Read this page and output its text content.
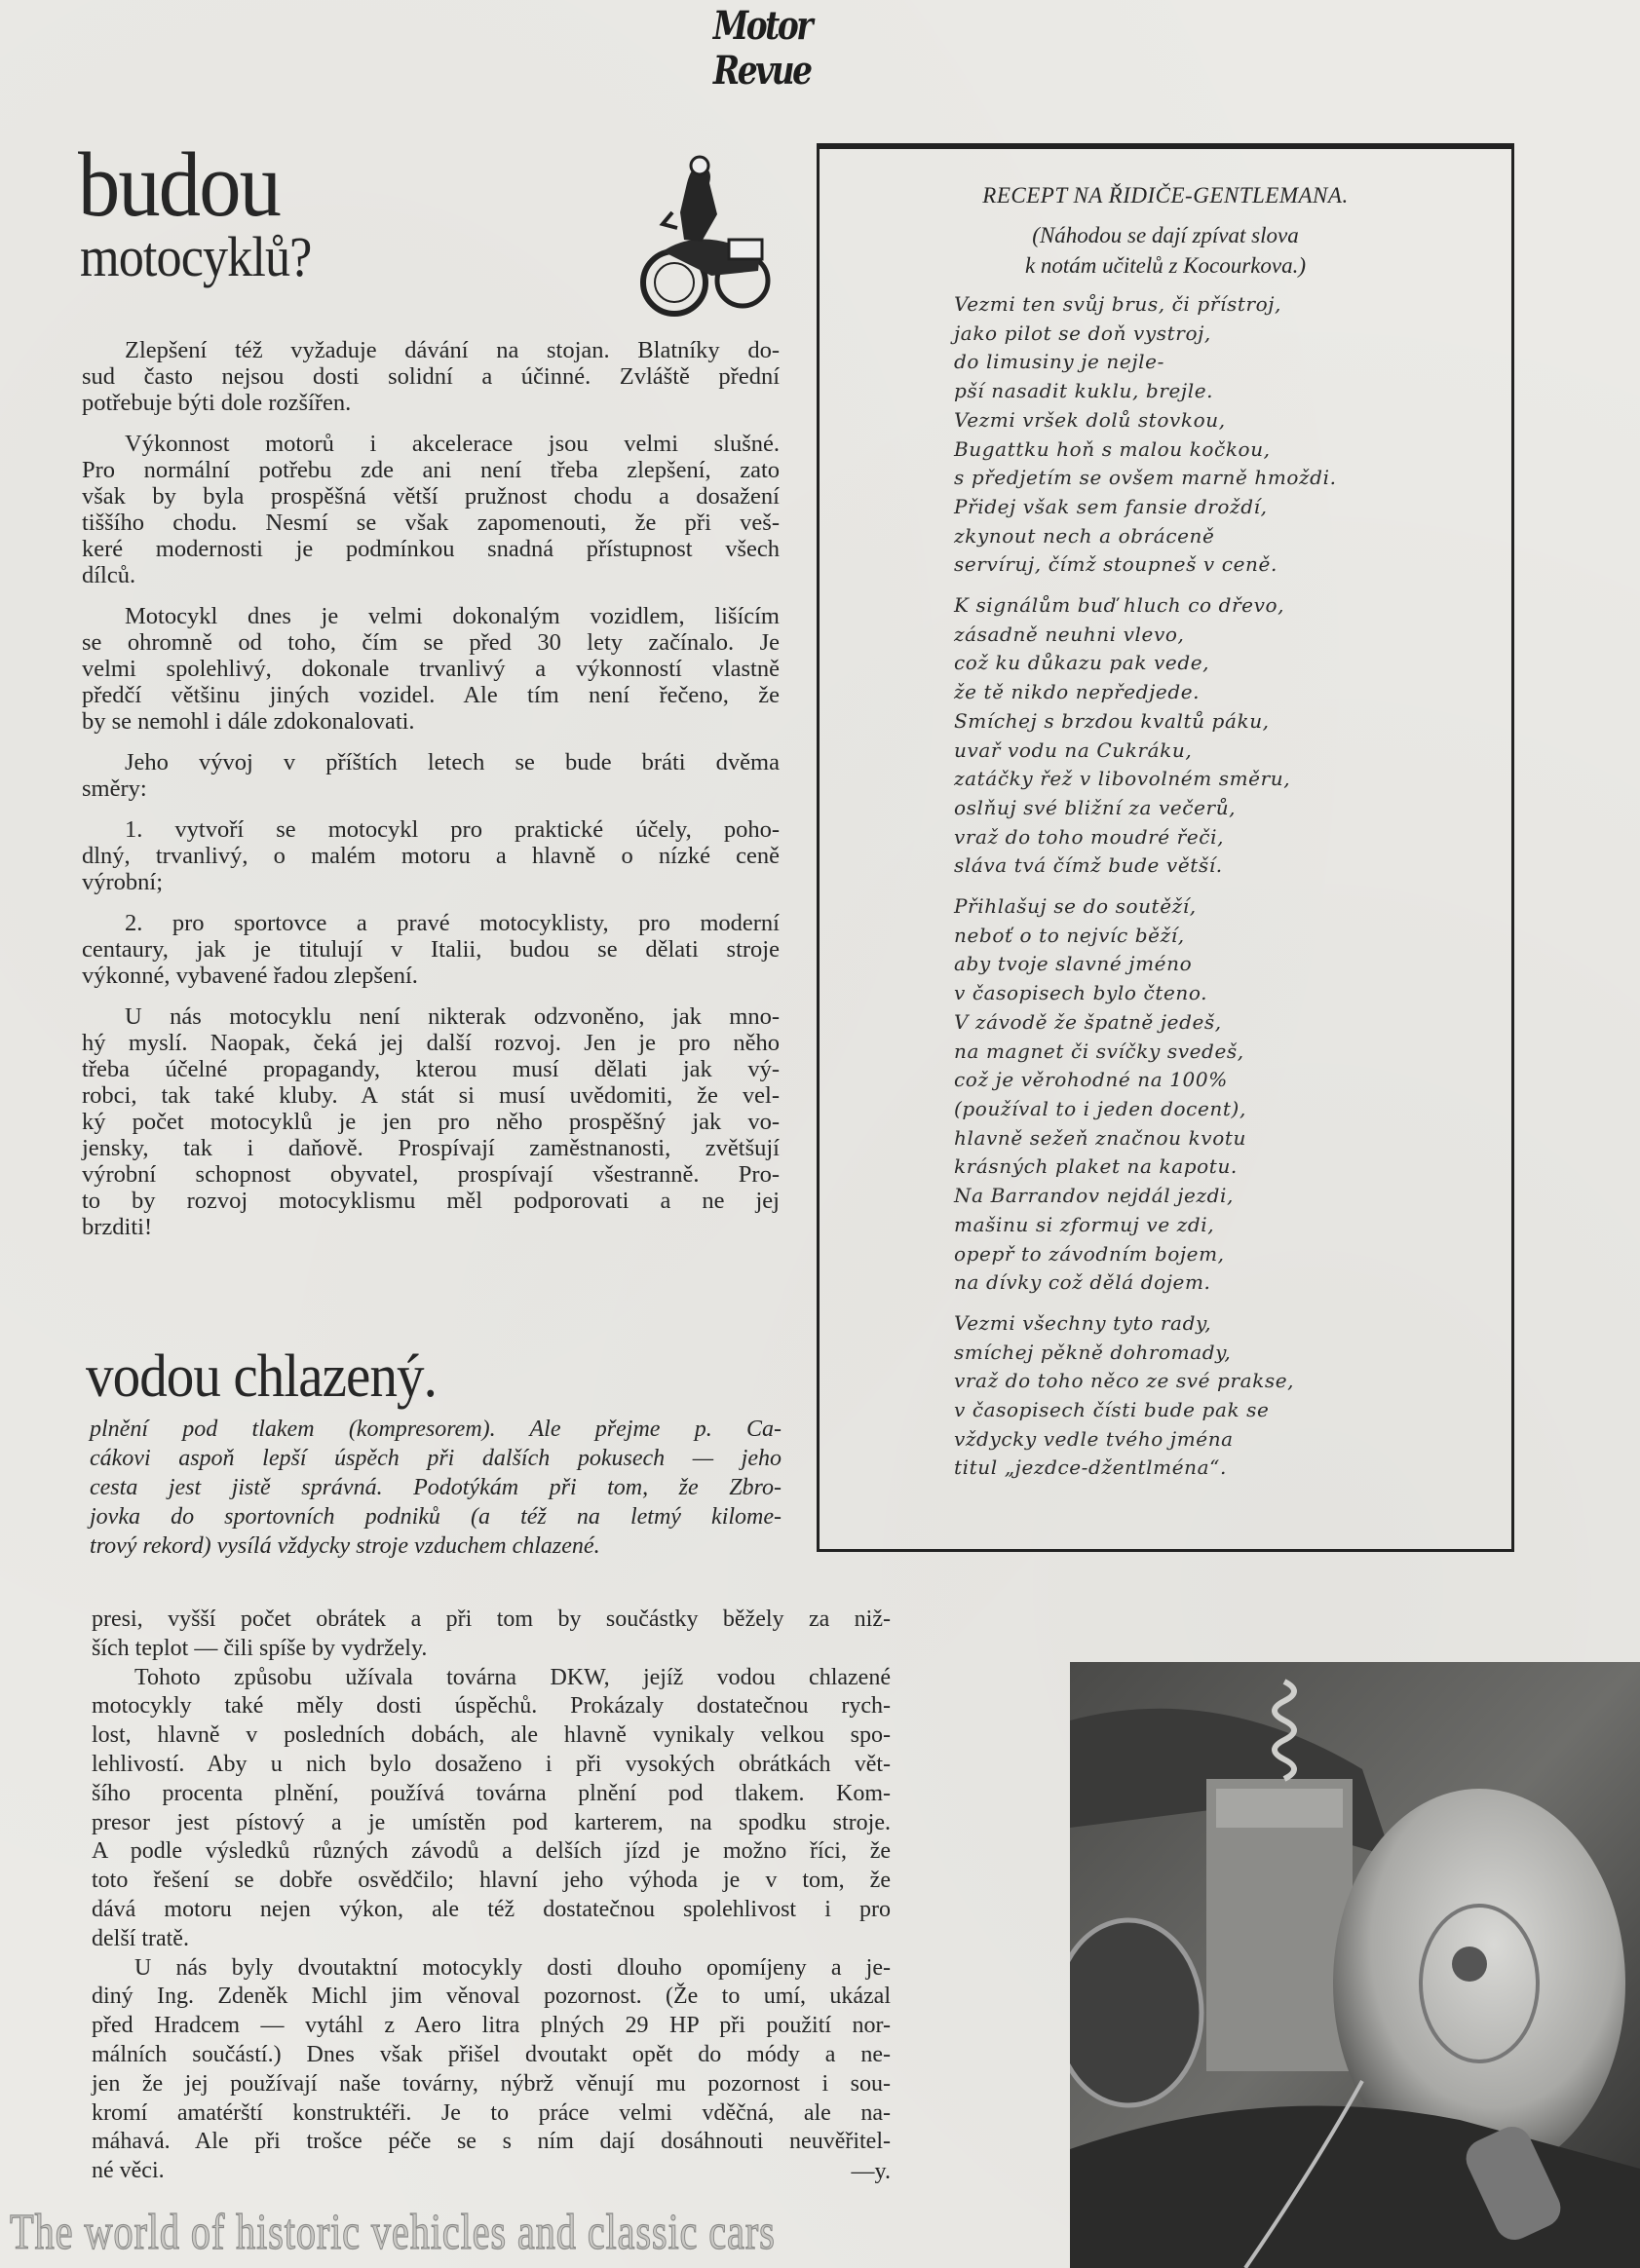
Motor
Revue
budou
motocyklů?
Zlepšení též vyžaduje dávání na stojan. Blatníky do-
sud často nejsou dosti solidní a účinné. Zvláště přední
potřebuje býti dole rozšířen.
Výkonnost motorů i akcelerace jsou velmi slušné.
Pro normální potřebu zde ani není třeba zlepšení, zato
však by byla prospěšná větší pružnost chodu a dosažení
tiššího chodu. Nesmí se však zapomenouti, že při veš-
keré modernosti je podmínkou snadná přístupnost všech
dílců.
Motocykl dnes je velmi dokonalým vozidlem, lišícím
se ohromně od toho, čím se před 30 lety začínalo. Je
velmi spolehlivý, dokonale trvanlivý a výkonností vlastně
předčí většinu jiných vozidel. Ale tím není řečeno, že
by se nemohl i dále zdokonalovati.
Jeho vývoj v příštích letech se bude bráti dvěma
směry:
1. vytvoří se motocykl pro praktické účely, poho-
dlný, trvanlivý, o malém motoru a hlavně o nízké ceně
výrobní;
2. pro sportovce a pravé motocyklisty, pro moderní
centaury, jak je titulují v Italii, budou se dělati stroje
výkonné, vybavené řadou zlepšení.
U nás motocyklu není nikterak odzvoněno, jak mno-
hý myslí. Naopak, čeká jej další rozvoj. Jen je pro něho
třeba účelné propagandy, kterou musí dělati jak vý-
robci, tak také kluby. A stát si musí uvědomiti, že vel-
ký počet motocyklů je jen pro něho prospěšný jak vo-
jensky, tak i daňově. Prospívají zaměstnanosti, zvětšují
výrobní schopnost obyvatel, prospívají všestranně. Pro-
to by rozvoj motocyklismu měl podporovati a ne jej
brzditi!
vodou chlazený.
plnění pod tlakem (kompresorem). Ale přejme p. Ca-
cákovi aspoň lepší úspěch při dalších pokusech — jeho
cesta jest jistě správná. Podotýkám při tom, že Zbro-
jovka do sportovních podniků (a též na letmý kilome-
trový rekord) vysílá vždycky stroje vzduchem chlazené.
RECEPT NA ŘIDIČE-GENTLEMANA.
(Náhodou se dají zpívat slova
k notám učitelů z Kocourkova.)
Vezmi ten svůj brus, či přístroj,
jako pilot se doň vystroj,
do limusiny je nejle-
pší nasadit kuklu, brejle.
Vezmi vršek dolů stovkou,
Bugattku hoň s malou kočkou,
s předjetím se ovšem marně hmoždi.
Přidej však sem fansie droždí,
zkynout nech a obráceně
servíruj, čímž stoupneš v ceně.
K signálům buď hluch co dřevo,
zásadně neuhni vlevo,
což ku důkazu pak vede,
že tě nikdo nepředjede.
Smíchej s brzdou kvaltů páku,
uvař vodu na Cukráku,
zatáčky řež v libovolném směru,
oslňuj své bližní za večerů,
vraž do toho moudré řeči,
sláva tvá čímž bude větší.
Přihlašuj se do soutěží,
neboť o to nejvíc běží,
aby tvoje slavné jméno
v časopisech bylo čteno.
V závodě že špatně jedeš,
na magnet či svíčky svedeš,
což je věrohodné na 100%
(používal to i jeden docent),
hlavně sežeň značnou kvotu
krásných plaket na kapotu.
Na Barrandov nejdál jezdi,
mašinu si zformuj ve zdi,
opepř to závodním bojem,
na dívky což dělá dojem.
Vezmi všechny tyto rady,
smíchej pěkně dohromady,
vraž do toho něco ze své prakse,
v časopisech čísti bude pak se
vždycky vedle tvého jména
titul „jezdce-džentlména“.
presi, vyšší počet obrátek a při tom by součástky běžely za niž-
ších teplot — čili spíše by vydržely.
Tohoto způsobu užívala továrna DKW, jejíž vodou chlazené
motocykly také měly dosti úspěchů. Prokázaly dostatečnou rych-
lost, hlavně v posledních dobách, ale hlavně vynikaly velkou spo-
lehlivostí. Aby u nich bylo dosaženo i při vysokých obrátkách vět-
šího procenta plnění, používá továrna plnění pod tlakem. Kom-
presor jest pístový a je umístěn pod karterem, na spodku stroje.
A podle výsledků různých závodů a delších jízd je možno říci, že
toto řešení se dobře osvědčilo; hlavní jeho výhoda je v tom, že
dává motoru nejen výkon, ale též dostatečnou spolehlivost i pro
delší tratě.
U nás byly dvoutaktní motocykly dosti dlouho opomíjeny a je-
diný Ing. Zdeněk Michl jim věnoval pozornost. (Že to umí, ukázal
před Hradcem — vytáhl z Aero litra plných 29 HP při použití nor-
málních součástí.) Dnes však přišel dvoutakt opět do módy a ne-
jen že jej používají naše továrny, nýbrž věnují mu pozornost i sou-
kromí amatérští konstruktéři. Je to práce velmi vděčná, ale na-
máhavá. Ale při trošce péče se s ním dají dosáhnouti neuvěřitel-
né věci.	—y.
The world of historic vehicles and classic cars
